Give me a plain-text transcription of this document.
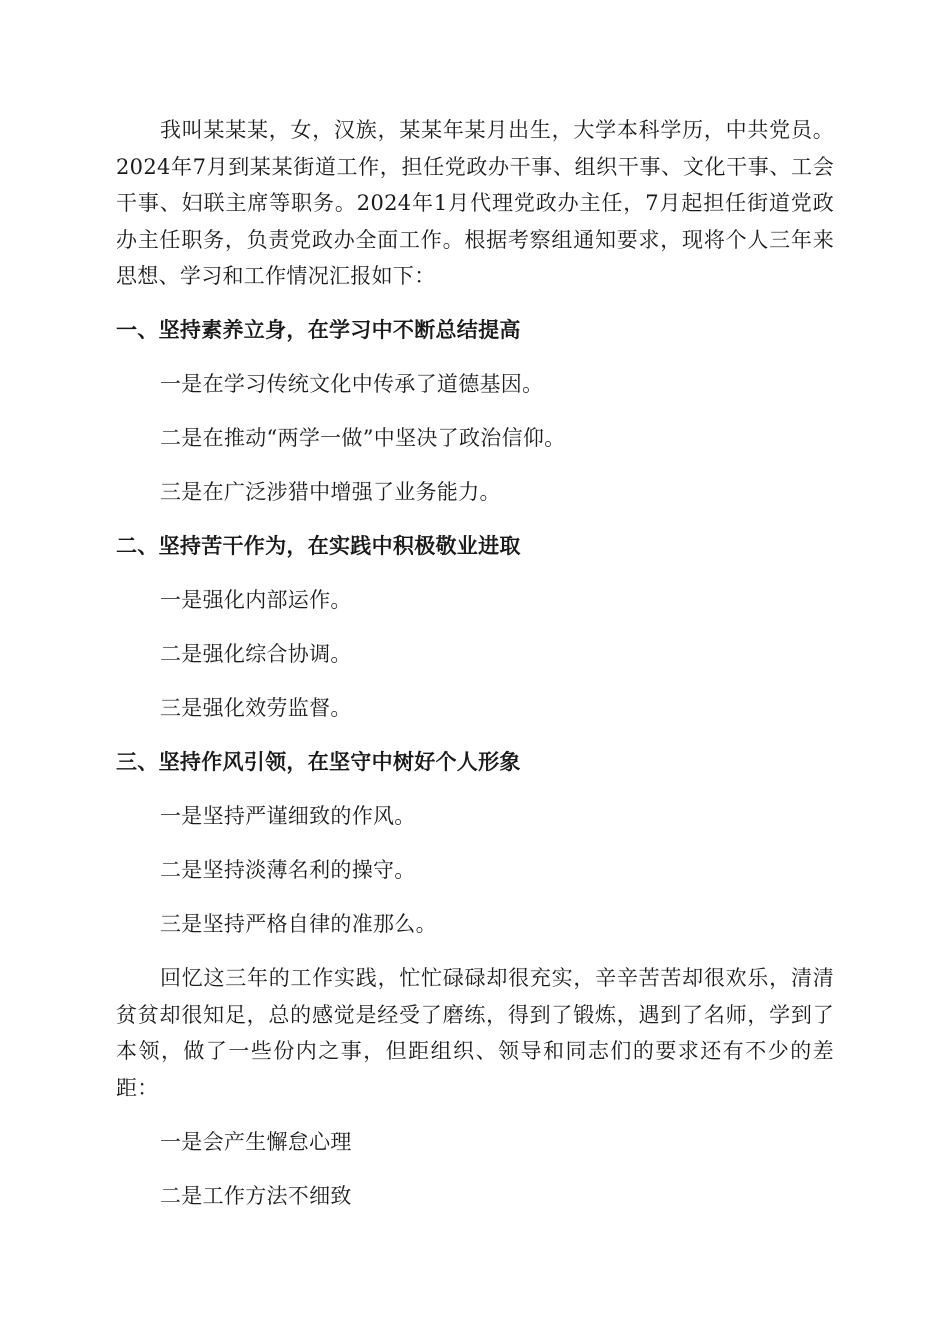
我叫某某某，女，汉族，某某年某月出生，大学本科学历，中共党员。2024年7月到某某街道工作，担任党政办干事、组织干事、文化干事、工会干事、妇联主席等职务。2024年1月代理党政办主任，7月起担任街道党政办主任职务，负责党政办全面工作。根据考察组通知要求，现将个人三年来思想、学习和工作情况汇报如下：

一、坚持素养立身，在学习中不断总结提高

一是在学习传统文化中传承了道德基因。

二是在推动“两学一做”中坚决了政治信仰。

三是在广泛涉猎中增强了业务能力。

二、坚持苦干作为，在实践中积极敬业进取

一是强化内部运作。

二是强化综合协调。

三是强化效劳监督。

三、坚持作风引领，在坚守中树好个人形象

一是坚持严谨细致的作风。

二是坚持淡薄名利的操守。

三是坚持严格自律的准那么。

回忆这三年的工作实践，忙忙碌碌却很充实，辛辛苦苦却很欢乐，清清贫贫却很知足，总的感觉是经受了磨练，得到了锻炼，遇到了名师，学到了本领，做了一些份内之事，但距组织、领导和同志们的要求还有不少的差距：

一是会产生懈怠心理

二是工作方法不细致
